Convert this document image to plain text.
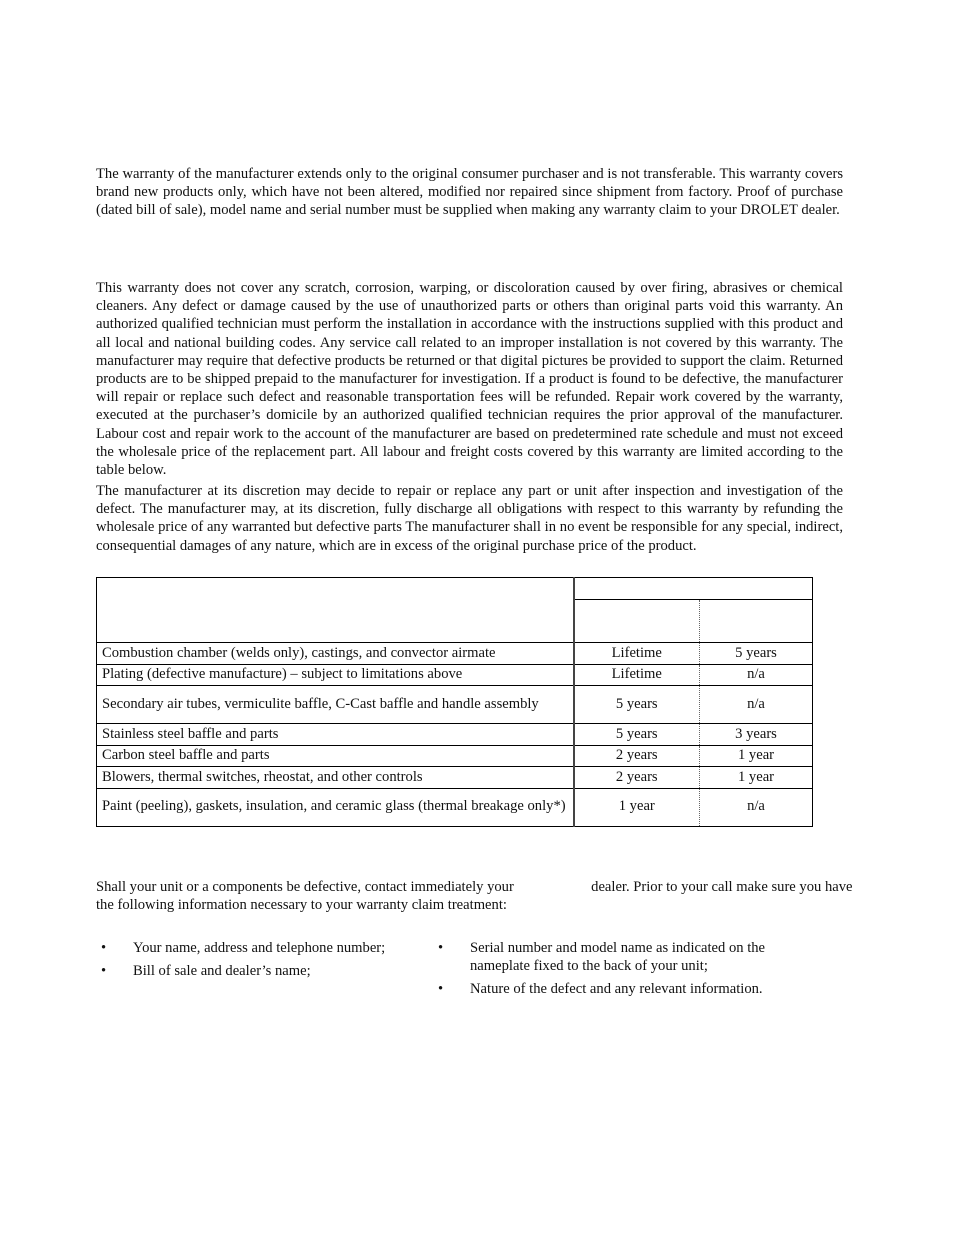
The warranty of the manufacturer extends only to the original consumer purchaser and is not transferable. This warranty covers brand new products only, which have not been altered, modified nor repaired since shipment from factory. Proof of purchase (dated bill of sale), model name and serial number must be supplied when making any warranty claim to your DROLET dealer.

This warranty does not cover any scratch, corrosion, warping, or discoloration caused by over firing, abrasives or chemical cleaners. Any defect or damage caused by the use of unauthorized parts or others than original parts void this warranty. An authorized qualified technician must perform the installation in accordance with the instructions supplied with this product and all local and national building codes. Any service call related to an improper installation is not covered by this warranty. The manufacturer may require that defective products be returned or that digital pictures be provided to support the claim. Returned products are to be shipped prepaid to the manufacturer for investigation. If a product is found to be defective, the manufacturer will repair or replace such defect and reasonable transportation fees will be refunded. Repair work covered by the warranty, executed at the purchaser’s domicile by an authorized qualified technician requires the prior approval of the manufacturer. Labour cost and repair work to the account of the manufacturer are based on predetermined rate schedule and must not exceed the wholesale price of the replacement part. All labour and freight costs covered by this warranty are limited according to the table below.

The manufacturer at its discretion may decide to repair or replace any part or unit after inspection and investigation of the defect. The manufacturer may, at its discretion, fully discharge all obligations with respect to this warranty by refunding the wholesale price of any warranted but defective parts The manufacturer shall in no event be responsible for any special, indirect, consequential damages of any nature, which are in excess of the original purchase price of the product.

Combustion chamber (welds only), castings, and convector airmate	Lifetime	5 years
Plating (defective manufacture) – subject to limitations above	Lifetime	n/a
Secondary air tubes, vermiculite baffle, C-Cast baffle and handle assembly	5 years	n/a
Stainless steel baffle and parts	5 years	3 years
Carbon steel baffle and parts	2 years	1 year
Blowers, thermal switches, rheostat, and other controls	2 years	1 year
Paint (peeling), gaskets, insulation, and ceramic glass (thermal breakage only*)	1 year	n/a

Shall your unit or a components be defective, contact immediately your	dealer. Prior to your call make sure you have the following information necessary to your warranty claim treatment:

• Your name, address and telephone number;
• Bill of sale and dealer’s name;
• Serial number and model name as indicated on the nameplate fixed to the back of your unit;
• Nature of the defect and any relevant information.
